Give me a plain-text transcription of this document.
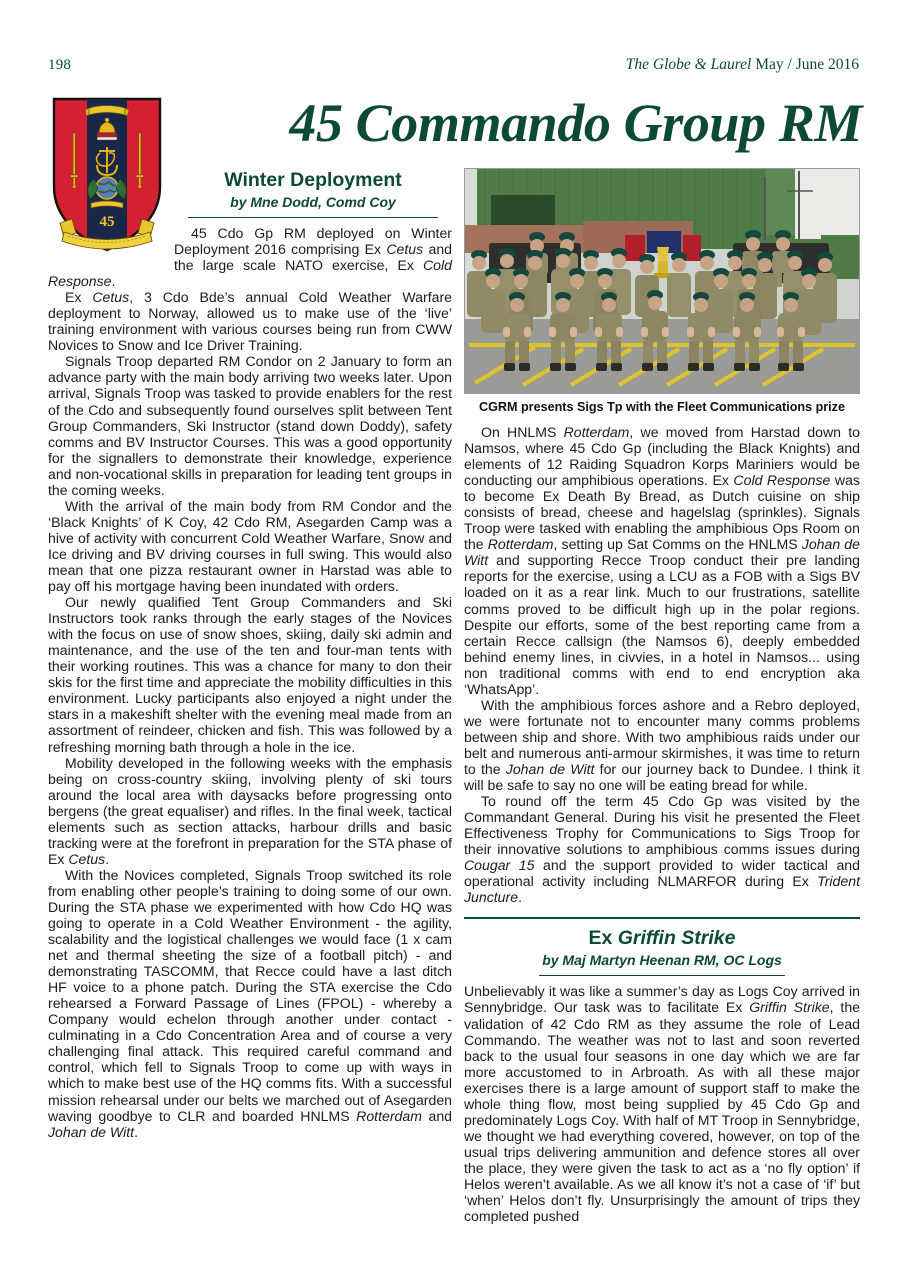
198	The Globe & Laurel May / June 2016
45 Commando Group RM
45
Winter Deployment

by Mne Dodd, Comd Coy

45 Cdo Gp RM deployed on Winter Deployment 2016 comprising Ex Cetus and the large scale NATO exercise, Ex Cold Response.

Ex Cetus, 3 Cdo Bde’s annual Cold Weather Warfare deployment to Norway, allowed us to make use of the ‘live’ training environment with various courses being run from CWW Novices to Snow and Ice Driver Training.

Signals Troop departed RM Condor on 2 January to form an advance party with the main body arriving two weeks later. Upon arrival, Signals Troop was tasked to provide enablers for the rest of the Cdo and subsequently found ourselves split between Tent Group Commanders, Ski Instructor (stand down Doddy), safety comms and BV Instructor Courses. This was a good opportunity for the signallers to demonstrate their knowledge, experience and non-vocational skills in preparation for leading tent groups in the coming weeks.

With the arrival of the main body from RM Condor and the ‘Black Knights’ of K Coy, 42 Cdo RM, Asegarden Camp was a hive of activity with concurrent Cold Weather Warfare, Snow and Ice driving and BV driving courses in full swing. This would also mean that one pizza restaurant owner in Harstad was able to pay off his mortgage having been inundated with orders.

Our newly qualified Tent Group Commanders and Ski Instructors took ranks through the early stages of the Novices with the focus on use of snow shoes, skiing, daily ski admin and maintenance, and the use of the ten and four-man tents with their working routines. This was a chance for many to don their skis for the first time and appreciate the mobility difficulties in this environment. Lucky participants also enjoyed a night under the stars in a makeshift shelter with the evening meal made from an assortment of reindeer, chicken and fish. This was followed by a refreshing morning bath through a hole in the ice.

Mobility developed in the following weeks with the emphasis being on cross-country skiing, involving plenty of ski tours around the local area with daysacks before progressing onto bergens (the great equaliser) and rifles. In the final week, tactical elements such as section attacks, harbour drills and basic tracking were at the forefront in preparation for the STA phase of Ex Cetus.

With the Novices completed, Signals Troop switched its role from enabling other people’s training to doing some of our own. During the STA phase we experimented with how Cdo HQ was going to operate in a Cold Weather Environment - the agility, scalability and the logistical challenges we would face (1 x cam net and thermal sheeting the size of a football pitch) - and demonstrating TASCOMM, that Recce could have a last ditch HF voice to a phone patch. During the STA exercise the Cdo rehearsed a Forward Passage of Lines (FPOL) - whereby a Company would echelon through another under contact - culminating in a Cdo Concentration Area and of course a very challenging final attack. This required careful command and control, which fell to Signals Troop to come up with ways in which to make best use of the HQ comms fits. With a successful mission rehearsal under our belts we marched out of Asegarden waving goodbye to CLR and boarded HNLMS Rotterdam and Johan de Witt.

CGRM presents Sigs Tp with the Fleet Communications prize

On HNLMS Rotterdam, we moved from Harstad down to Namsos, where 45 Cdo Gp (including the Black Knights) and elements of 12 Raiding Squadron Korps Mariniers would be conducting our amphibious operations. Ex Cold Response was to become Ex Death By Bread, as Dutch cuisine on ship consists of bread, cheese and hagelslag (sprinkles). Signals Troop were tasked with enabling the amphibious Ops Room on the Rotterdam, setting up Sat Comms on the HNLMS Johan de Witt and supporting Recce Troop conduct their pre landing reports for the exercise, using a LCU as a FOB with a Sigs BV loaded on it as a rear link. Much to our frustrations, satellite comms proved to be difficult high up in the polar regions. Despite our efforts, some of the best reporting came from a certain Recce callsign (the Namsos 6), deeply embedded behind enemy lines, in civvies, in a hotel in Namsos... using non traditional comms with end to end encryption aka ‘WhatsApp’.

With the amphibious forces ashore and a Rebro deployed, we were fortunate not to encounter many comms problems between ship and shore. With two amphibious raids under our belt and numerous anti-armour skirmishes, it was time to return to the Johan de Witt for our journey back to Dundee. I think it will be safe to say no one will be eating bread for while.

To round off the term 45 Cdo Gp was visited by the Commandant General. During his visit he presented the Fleet Effectiveness Trophy for Communications to Sigs Troop for their innovative solutions to amphibious comms issues during Cougar 15 and the support provided to wider tactical and operational activity including NLMARFOR during Ex Trident Juncture.

Ex Griffin Strike

by Maj Martyn Heenan RM, OC Logs

Unbelievably it was like a summer’s day as Logs Coy arrived in Sennybridge. Our task was to facilitate Ex Griffin Strike, the validation of 42 Cdo RM as they assume the role of Lead Commando. The weather was not to last and soon reverted back to the usual four seasons in one day which we are far more accustomed to in Arbroath. As with all these major exercises there is a large amount of support staff to make the whole thing flow, most being supplied by 45 Cdo Gp and predominately Logs Coy. With half of MT Troop in Sennybridge, we thought we had everything covered, however, on top of the usual trips delivering ammunition and defence stores all over the place, they were given the task to act as a ‘no fly option’ if Helos weren’t available. As we all know it’s not a case of ‘if’ but ‘when’ Helos don’t fly. Unsurprisingly the amount of trips they completed pushed
